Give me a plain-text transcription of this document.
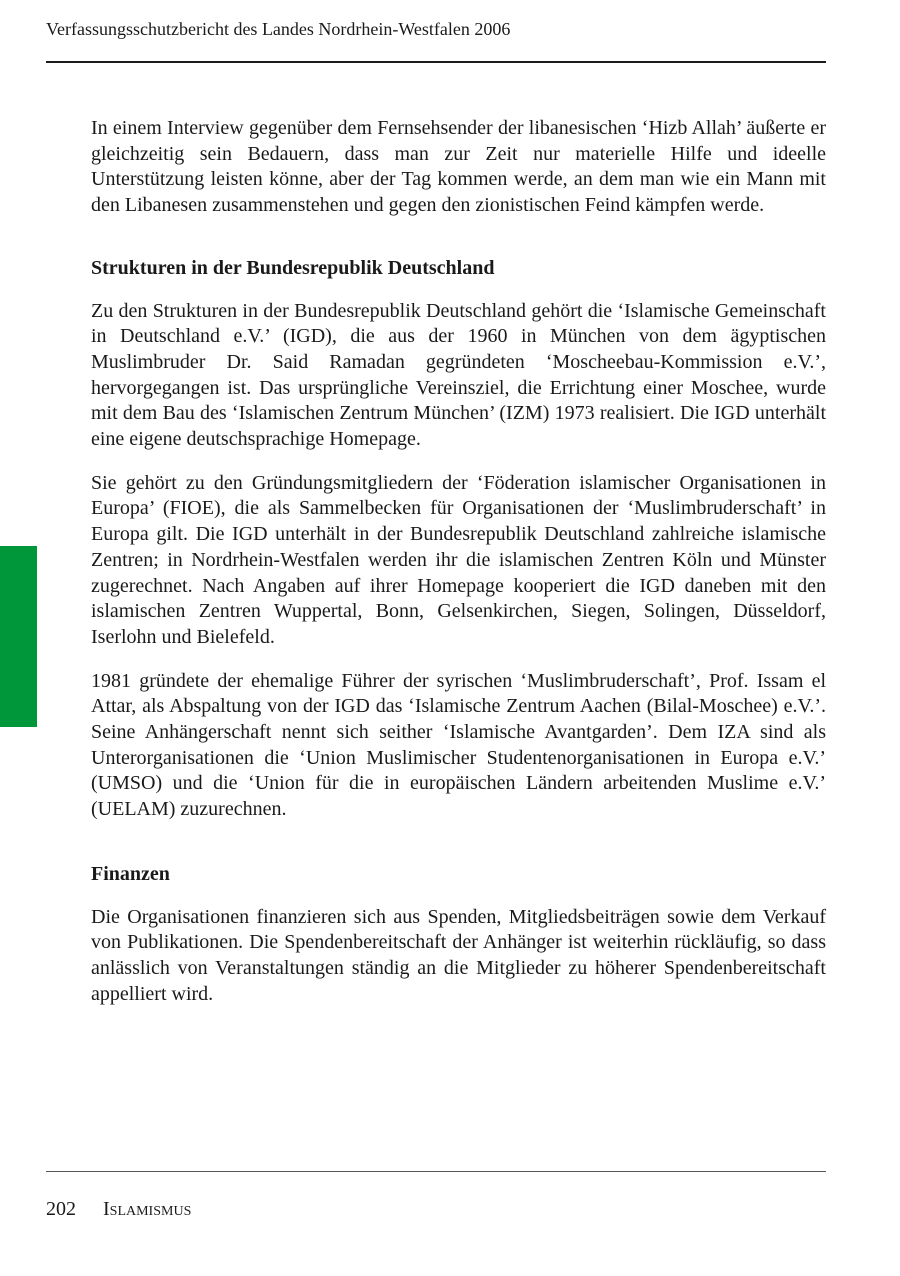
Verfassungsschutzbericht des Landes Nordrhein-Westfalen 2006

In einem Interview gegenüber dem Fernsehsender der libanesischen ‘Hizb Allah’ äußerte er gleichzeitig sein Bedauern, dass man zur Zeit nur materielle Hilfe und ideelle Unterstützung leisten könne, aber der Tag kommen werde, an dem man wie ein Mann mit den Libanesen zusammenstehen und gegen den zionistischen Feind kämpfen werde.

Strukturen in der Bundesrepublik Deutschland

Zu den Strukturen in der Bundesrepublik Deutschland gehört die ‘Islamische Gemeinschaft in Deutschland e.V.’ (IGD), die aus der 1960 in München von dem ägyptischen Muslimbruder Dr. Said Ramadan gegründeten ‘Moscheebau-Kommission e.V.’, hervorgegangen ist. Das ursprüngliche Vereinsziel, die Errichtung einer Moschee, wurde mit dem Bau des ‘Islamischen Zentrum München’ (IZM) 1973 realisiert. Die IGD unterhält eine eigene deutschsprachige Homepage.

Sie gehört zu den Gründungsmitgliedern der ‘Föderation islamischer Organisationen in Europa’ (FIOE), die als Sammelbecken für Organisationen der ‘Muslimbruderschaft’ in Europa gilt. Die IGD unterhält in der Bundesrepublik Deutschland zahlreiche islamische Zentren; in Nordrhein-Westfalen werden ihr die islamischen Zentren Köln und Münster zugerechnet. Nach Angaben auf ihrer Homepage kooperiert die IGD daneben mit den islamischen Zentren Wuppertal, Bonn, Gelsenkirchen, Siegen, Solingen, Düsseldorf, Iserlohn und Bielefeld.

1981 gründete der ehemalige Führer der syrischen ‘Muslimbruderschaft’, Prof. Issam el Attar, als Abspaltung von der IGD das ‘Islamische Zentrum Aachen (Bilal-Moschee) e.V.’. Seine Anhängerschaft nennt sich seither ‘Islamische Avantgarden’. Dem IZA sind als Unterorganisationen die ‘Union Muslimischer Studentenorganisationen in Europa e.V.’ (UMSO) und die ‘Union für die in europäischen Ländern arbeitenden Muslime e.V.’ (UELAM) zuzurechnen.

Finanzen

Die Organisationen finanzieren sich aus Spenden, Mitgliedsbeiträgen sowie dem Verkauf von Publikationen. Die Spendenbereitschaft der Anhänger ist weiterhin rückläufig, so dass anlässlich von Veranstaltungen ständig an die Mitglieder zu höherer Spendenbereitschaft appelliert wird.

202 Islamismus
